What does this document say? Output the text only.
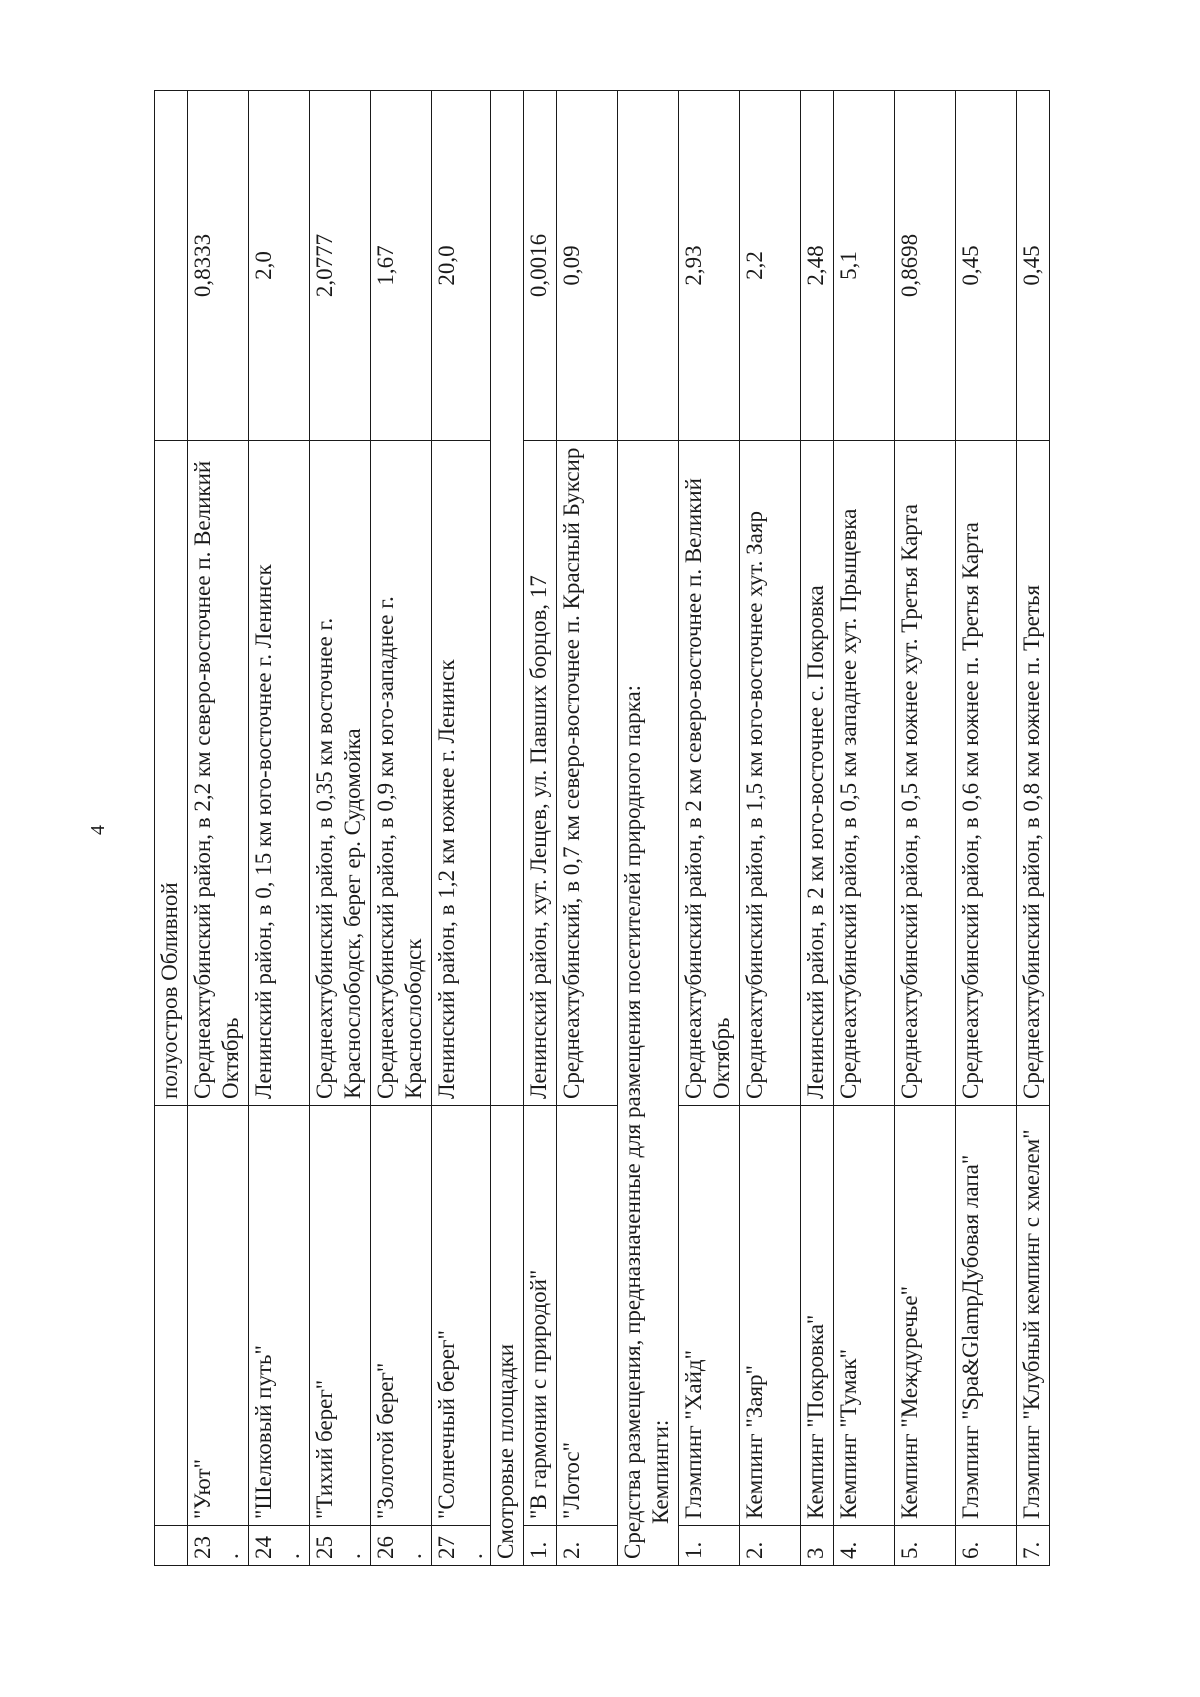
4
		полуостров Обливной	
23.	"Уют"	Среднеахтубинский район, в 2,2 км северо-восточнее п. Великий Октябрь	0,8333
24.	"Шелковый путь"	Ленинский район, в 0, 15 км юго-восточнее г. Ленинск	2,0
25.	"Тихий берег"	Среднеахтубинский район, в 0,35 км восточнее г. Краснослободск, берег ер. Судомойка	2,0777
26.	"Золотой берег"	Среднеахтубинский район, в 0,9 км юго-западнее г. Краснослободск	1,67
27.	"Солнечный берег"	Ленинский район, в 1,2 км южнее г. Ленинск	20,0
Смотровые площадки			
1.	"В гармонии с природой"	Ленинский район, хут. Лещев, ул. Павших борцов, 17	0,0016
2.	"Лотос"	Среднеахтубинский, в 0,7 км северо-восточнее п. Красный Буксир	0,09
Средства размещения, предназначенные для размещения посетителей природного парка: Кемпинги:			

1.	Глэмпинг "Хайд"	Среднеахтубинский район, в 2 км северо-восточнее п. Великий Октябрь	2,93
2.	Кемпинг "Заяр"	Среднеахтубинский район, в 1,5 км юго-восточнее хут. Заяр	2,2
3	Кемпинг "Покровка"	Ленинский район, в 2 км юго-восточнее с. Покровка	2,48
4.	Кемпинг "Тумак"	Среднеахтубинский район, в 0,5 км западнее хут. Прыщевка	5,1
5.	Кемпинг "Междуречье"	Среднеахтубинский район, в 0,5 км южнее хут. Третья Карта	0,8698
6.	Глэмпинг "Spa&GlampДубовая лапа"	Среднеахтубинский район, в 0,6 км южнее п. Третья Карта	0,45
7.	Глэмпинг "Клубный кемпинг с хмелем"	Среднеахтубинский район, в 0,8 км южнее п. Третья	0,45
